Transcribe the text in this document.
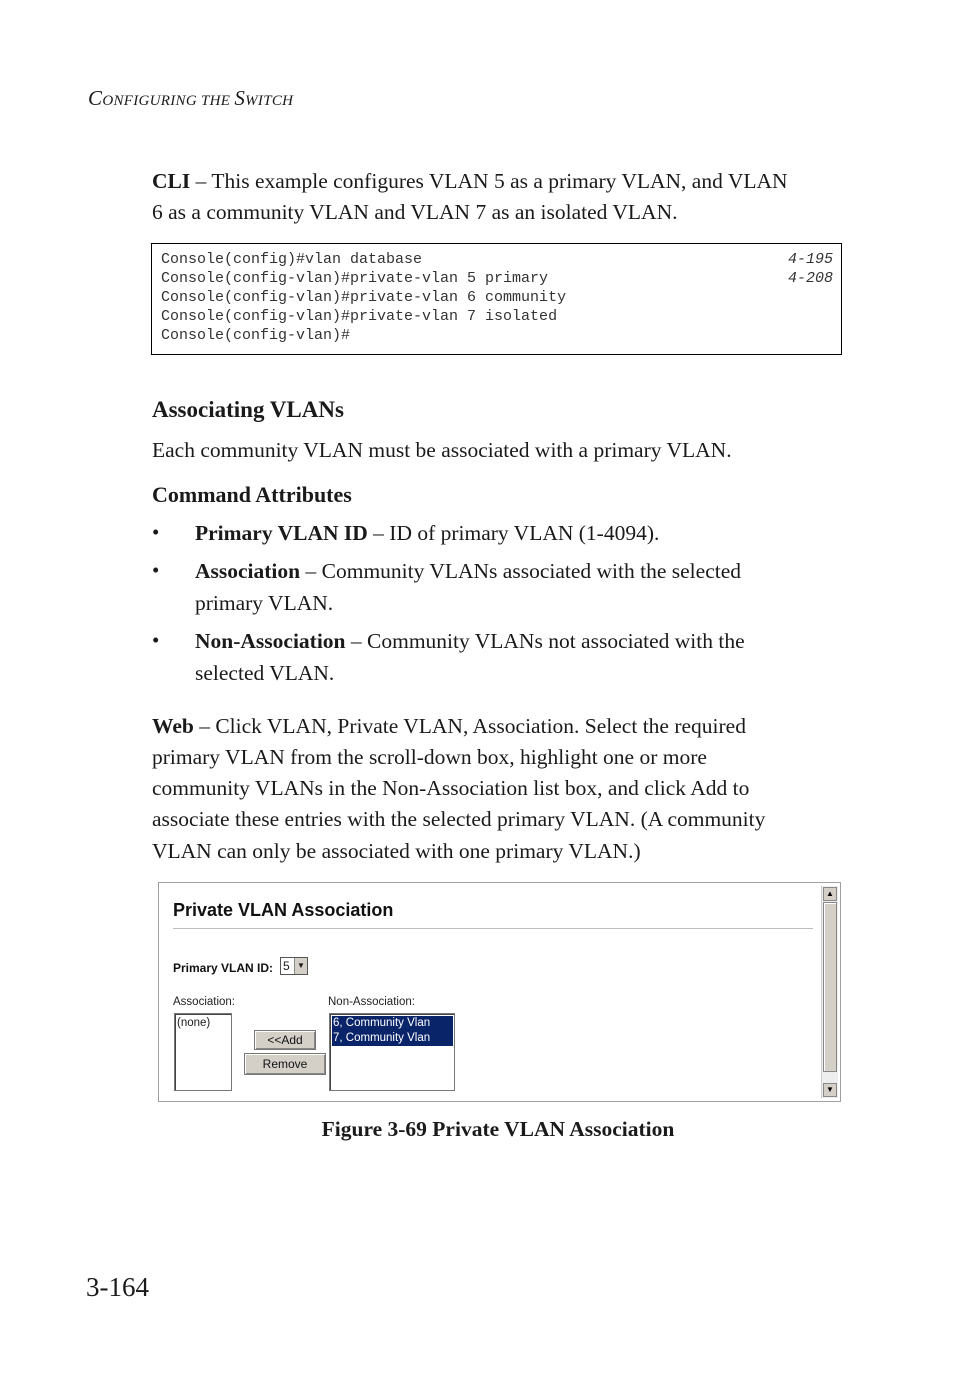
CONFIGURING THE SWITCH
CLI – This example configures VLAN 5 as a primary VLAN, and VLAN
6 as a community VLAN and VLAN 7 as an isolated VLAN.
Console(config)#vlan database	4-195
Console(config-vlan)#private-vlan 5 primary	4-208
Console(config-vlan)#private-vlan 6 community
Console(config-vlan)#private-vlan 7 isolated
Console(config-vlan)#
Associating VLANs
Each community VLAN must be associated with a primary VLAN.
Command Attributes
• Primary VLAN ID – ID of primary VLAN (1-4094).
• Association – Community VLANs associated with the selected
primary VLAN.
• Non-Association – Community VLANs not associated with the
selected VLAN.
Web – Click VLAN, Private VLAN, Association. Select the required
primary VLAN from the scroll-down box, highlight one or more
community VLANs in the Non-Association list box, and click Add to
associate these entries with the selected primary VLAN. (A community
VLAN can only be associated with one primary VLAN.)
Private VLAN Association
Primary VLAN ID: 5 ▼
Association:
(none)
<<Add
Remove
Non-Association:
6, Community Vlan
7, Community Vlan
▲
▼
Figure 3-69 Private VLAN Association
3-164
